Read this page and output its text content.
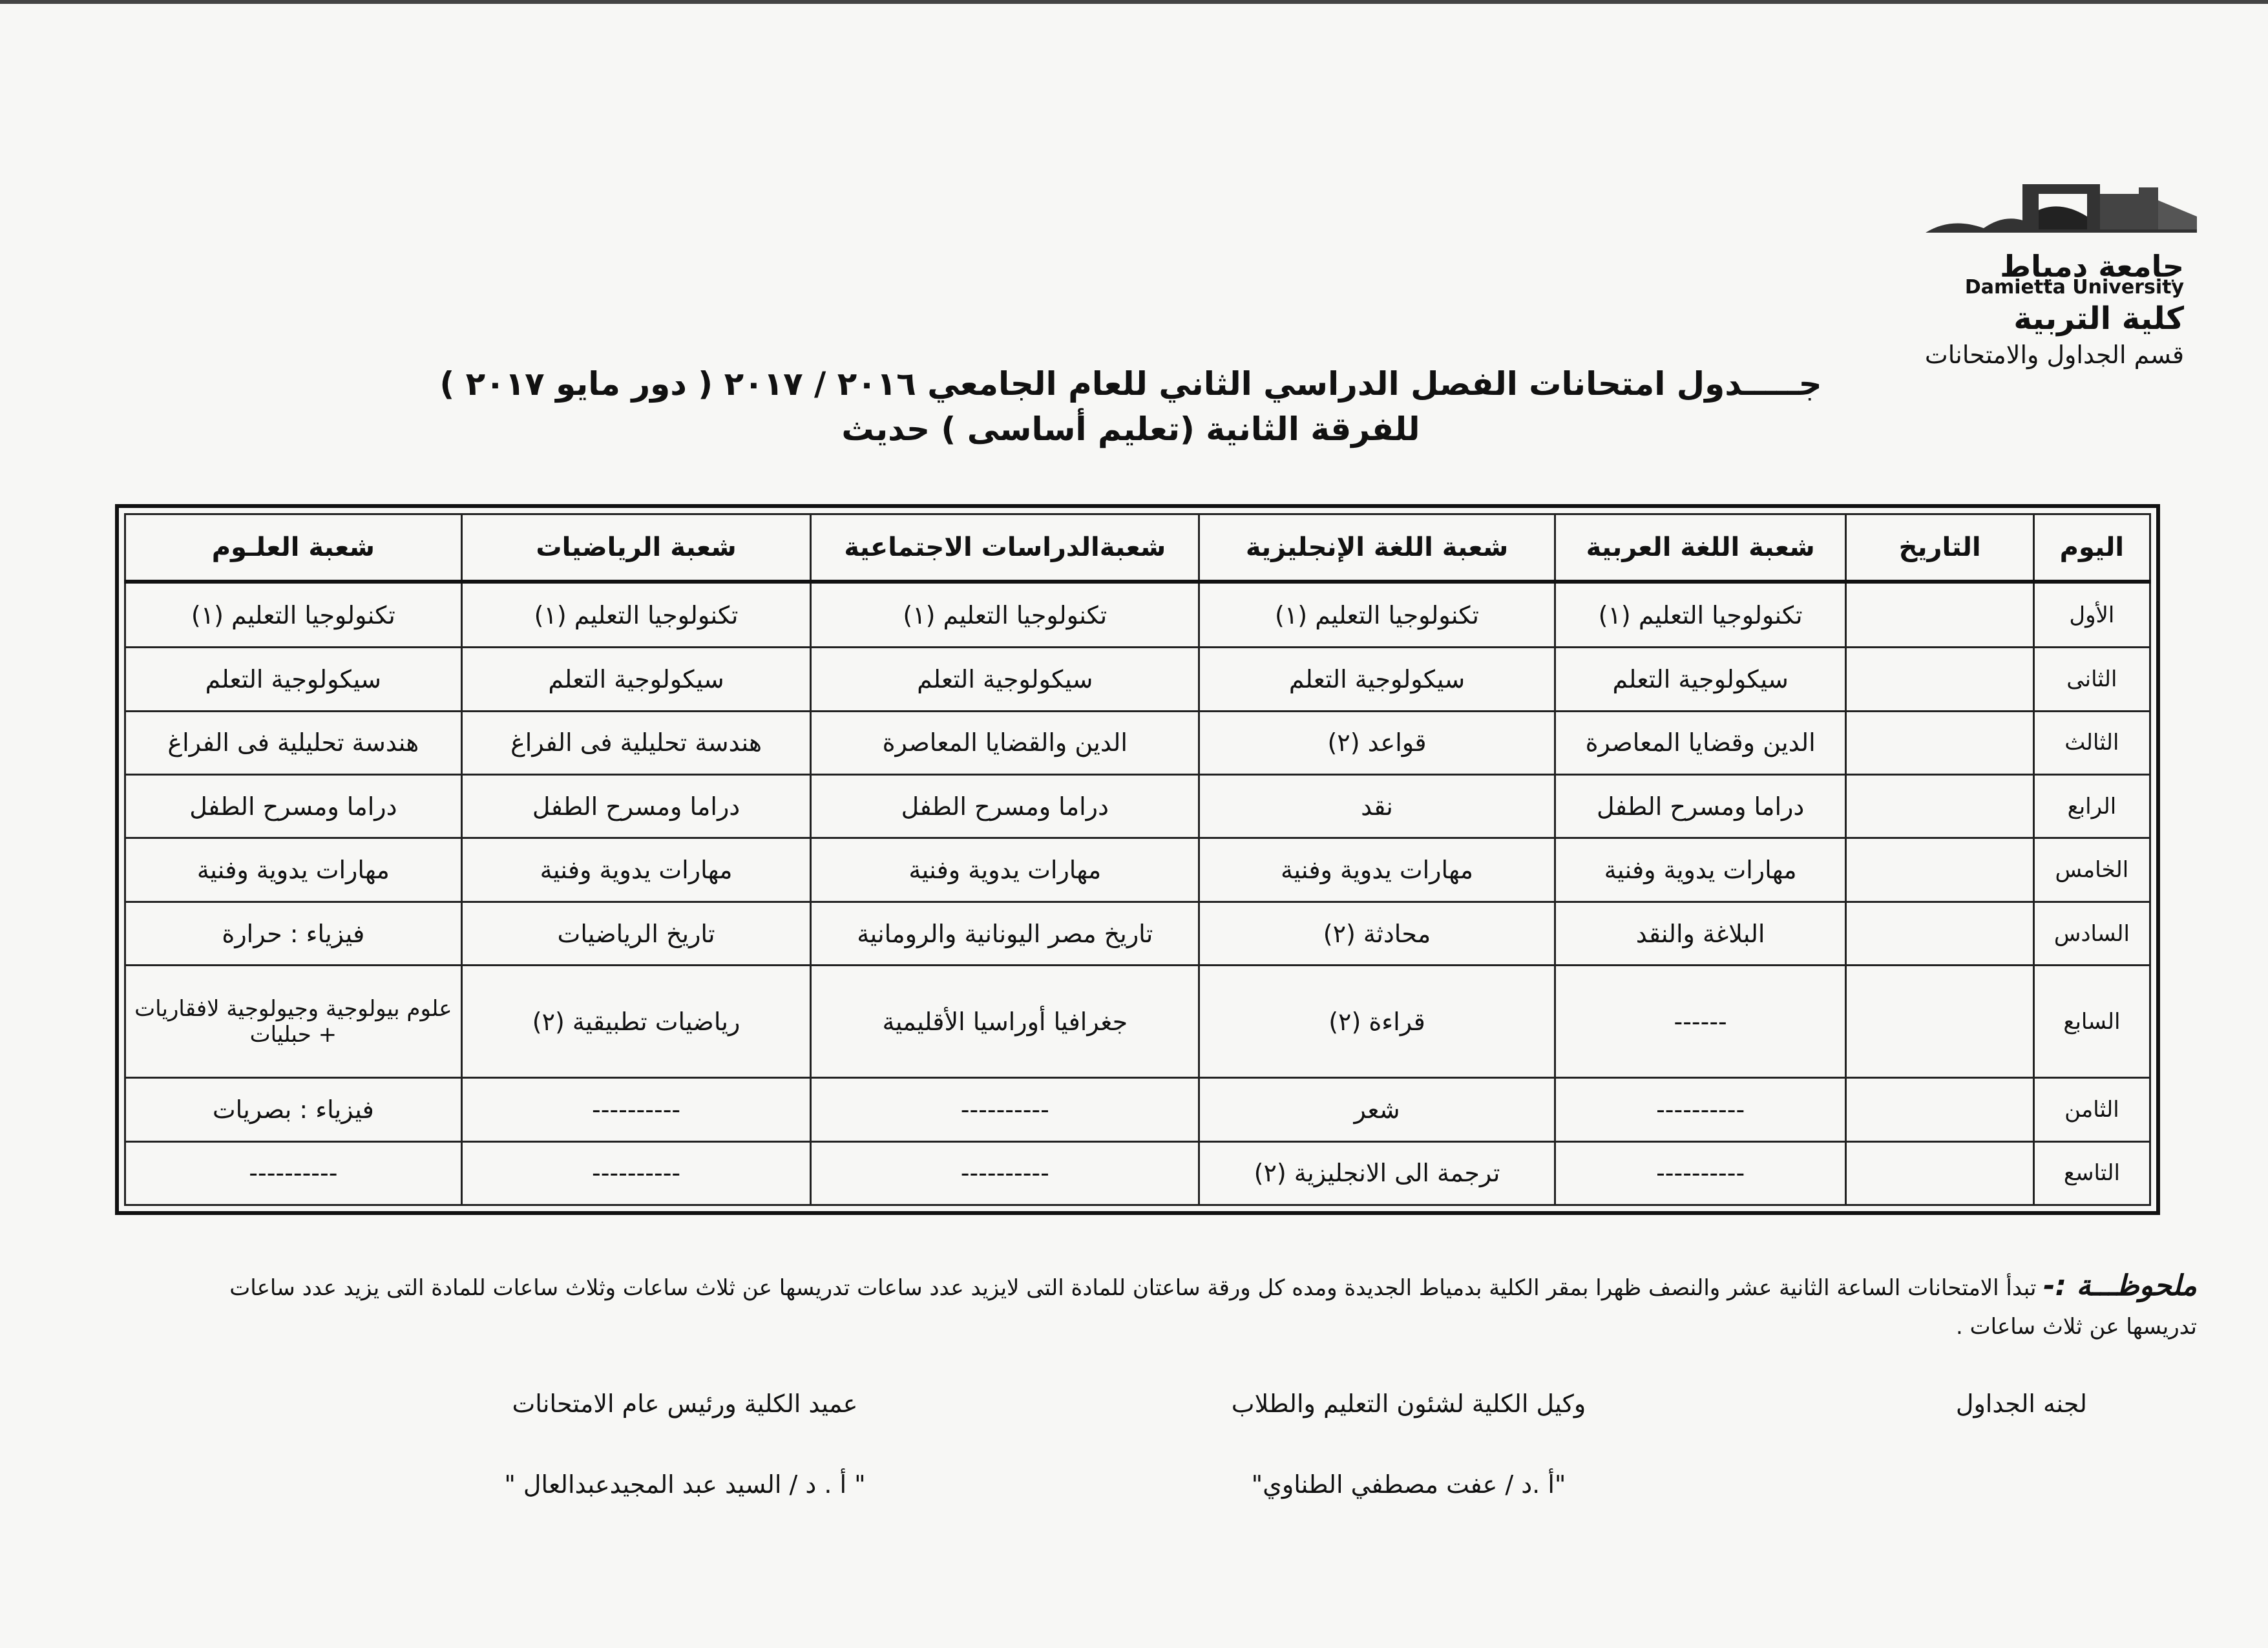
جامعة دمياط
Damietta University
كلية التربية
قسم الجداول والامتحانات
جـــــدول امتحانات الفصل الدراسي الثاني للعام الجامعي ٢٠١٦ / ٢٠١٧ ( دور مايو ٢٠١٧ )
للفرقة الثانية (تعليم أساسى ) حديث
اليوم	التاريخ	شعبة اللغة العربية	شعبة اللغة الإنجليزية	شعبةالدراسات الاجتماعية	شعبة الرياضيات	شعبة العلـوم
الأول		تكنولوجيا التعليم (١)	تكنولوجيا التعليم (١)	تكنولوجيا التعليم (١)	تكنولوجيا التعليم (١)	تكنولوجيا التعليم (١)
الثانى		سيكولوجية التعلم	سيكولوجية التعلم	سيكولوجية التعلم	سيكولوجية التعلم	سيكولوجية التعلم
الثالث		الدين وقضايا المعاصرة	قواعد (٢)	الدين والقضايا المعاصرة	هندسة تحليلية فى الفراغ	هندسة تحليلية فى الفراغ
الرابع		دراما ومسرح الطفل	نقد	دراما ومسرح الطفل	دراما ومسرح الطفل	دراما ومسرح الطفل
الخامس		مهارات يدوية وفنية	مهارات يدوية وفنية	مهارات يدوية وفنية	مهارات يدوية وفنية	مهارات يدوية وفنية
السادس		البلاغة والنقد	محادثة (٢)	تاريخ مصر اليونانية والرومانية	تاريخ الرياضيات	فيزياء : حرارة
السابع		------	قراءة (٢)	جغرافيا أوراسيا الأقليمية	رياضيات تطبيقية (٢)	علوم بيولوجية وجيولوجية لافقاريات + حبليات
الثامن		----------	شعر	----------	----------	فيزياء : بصريات
التاسع		----------	ترجمة الى الانجليزية (٢)	----------	----------	----------
ملحوظـــة :- تبدأ الامتحانات الساعة الثانية عشر والنصف ظهرا بمقر الكلية بدمياط الجديدة ومده كل ورقة ساعتان للمادة التى لايزيد عدد ساعات تدريسها عن ثلاث ساعات وثلاث ساعات للمادة التى يزيد عدد ساعات تدريسها عن ثلاث ساعات .
لجنه الجداول
وكيل الكلية لشئون التعليم والطلاب
"أ .د / عفت مصطفي الطناوي"
عميد الكلية ورئيس عام الامتحانات
" أ . د / السيد عبد المجيدعبدالعال "
